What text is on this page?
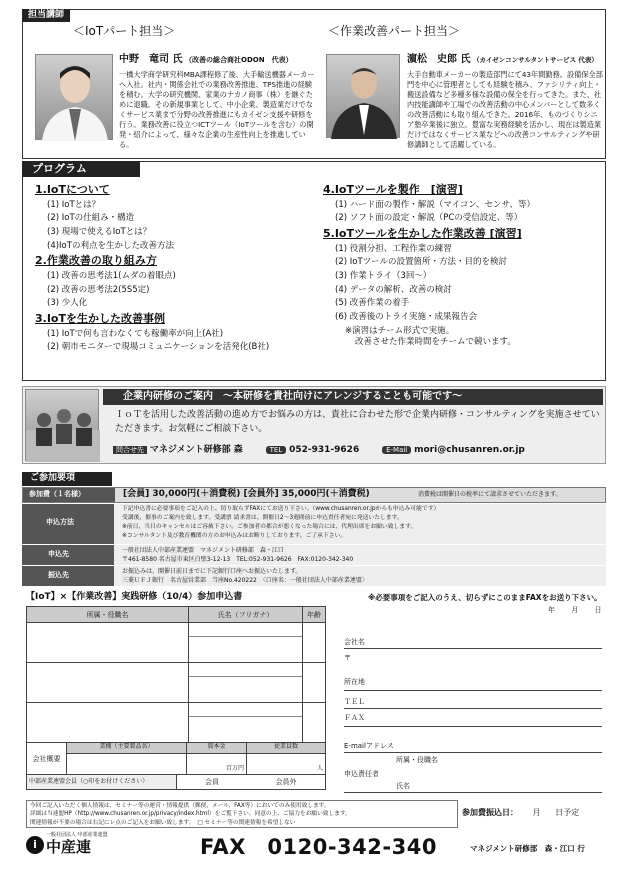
担当講師
＜IoTパート担当＞
中野　竜司 氏 （改善の総合商社ODON　代表）
一橋大学商学研究科MBA課程修了後、大手輸送機器メーカーへ入社。社内・関係会社での業務改善推進、TPS推進の経験を積む。大学の研究機関、家業のナカノ商事（株）を継ぐために退職。その新規事業として、中小企業、製造業だけでなくサービス業まで分野の改善推進にもカイゼン支援や研修を行う。業務改善に役立つICTツール（IoTツールを含む）の開発・紹介によって、様々な企業の生産性向上を推進している。
＜作業改善パート担当＞
濵松　史郎 氏 （カイゼンコンサルタントサービス 代表）
大手自動車メーカーの製造部門にて43年間勤務。設備保全部門を中心に管理者としても経験を積み、ファシリティ向上・搬送設備など多種多様な設備の保全を行ってきた。また、社内技能講師や工場での改善活動の中心メンバーとして数多くの改善活動にも取り組んできた。2016年、ものづくりシニア塾卒業後に独立。豊富な実務経験を活かし、現在は製造業だけではなくサービス業などへの改善コンサルティングや研修講師として活躍している。
プログラム
1.IoTについて
(1) IoTとは？
(2) IoTの仕組み・構造
(3) 現場で使えるIoTとは？
(4)IoTの利点を生かした改善方法
2.作業改善の取り組み方
(1) 改善の思考法1(ムダの着眼点)
(2) 改善の思考法2(5S5定)
(3) 少人化
3.IoTを生かした改善事例
(1) IoTで何も言わなくても稼働率が向上(A社)
(2) 朝市モニターで現場コミュニケーションを活発化(B社)
4.IoTツールを製作　[演習]
(1) ハード面の製作・解説（マイコン、センサ、等）
(2) ソフト面の設定・解説（PCの受信設定、等）
5.IoTツールを生かした作業改善 [演習]
(1) 役割分担、工程作業の練習
(2) IoTツールの設置箇所・方法・目的を検討
(3) 作業トライ（3回～）
(4) データの解析、改善の検討
(5) 改善作業の着手
(6) 改善後のトライ実施・成果報告会
※演習はチーム形式で実施。
改善させた作業時間をチームで競います。
企業内研修のご案内　～本研修を貴社向けにアレンジすることも可能です～
ＩｏＴを活用した改善活動の進め方でお悩みの方は、貴社に合わせた形で企業内研修・コンサルティングを実施させていただきます。お気軽にご相談下さい。
問合せ先 マネジメント研修部 森	TEL 052-931-9626	E-Mail mori@chusanren.or.jp
ご参加要項
参加費（１名様）	[会員] 30,000円(＋消費税) [会員外] 35,000円(＋消費税)	消費税は開催日の税率にて請求させていただきます。
申込方法
下記申込書に必要事項をご記入の上、切り取らずFAXにてお送り下さい。（www.chusanren.or.jpからも申込み可能です）
受講後、催事のご案内を致します。受講票 請求書は、開催日2～3週間前に申込責任者宛に発送いたします。
※前日、当日のキャンセルはご容赦下さい。ご参加者の都合が悪くなった場合には、代理出席をお願い致します。
※コンサルタント及び教育機関の方のお申込みはお断りしております。ご了承下さい。
申込先	一般社団法人中部産業連盟　マネジメント研修部　森・江口
〒461-8580 名古屋市東区白壁3-12-13　TEL:052-931-9626　FAX:0120-342-340
振込先	お振込みは、開催日前日までに下記銀行口座へお振込いたします。
三菱ＵＦＪ銀行　名古屋営業部　当座No.420222　〈口座名：一般社団法人中部産業連盟〉
【IoT】×【作業改善】実践研修（10/4）参加申込書	※必要事項をご記入のうえ、切らずにこのままFAXをお送り下さい。
年 月 日
所属・役職名	氏名（フリガナ）	年齢
会社概要
業種（主要製品名）	資本金	従業員数
百万円	人
中部産業連盟会員（○印をお付けください）	会員	会員外
会社名
〒
所在地
ＴＥＬ
ＦＡＸ
E-mailアドレス
所属・役職名
申込責任者
氏名
今回ご記入いただく個人情報は、セミナー等の運営・情報提供（郵便、メール、FAX等）においてのみ使用致します。
詳細は当連盟HP（http://www.chusanren.or.jp/privacy/index.html）をご覧下さい。同意の上、ご協力をお願い致します。
関連情報が不要の場合は右記にレ点のご記入をお願い致します。　□ セミナー等の関連情報を希望しない
参加費振込日： 月 日予定
一般社団法人 中部産業連盟
i 中産連	FAX　0120-342-340	マネジメント研修部　森・江口 行
